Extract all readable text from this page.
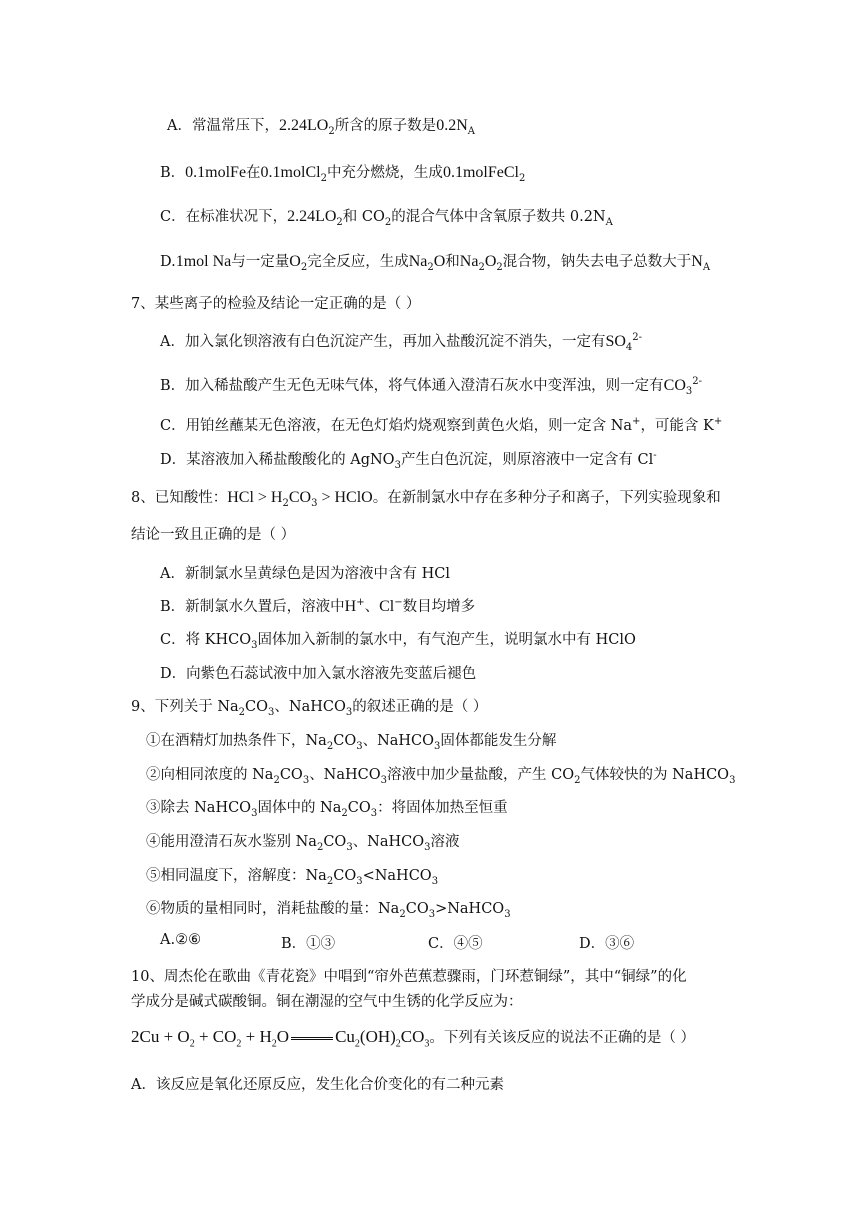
A．常温常压下，$2.24LO_2$所含的原子数是$0.2N_A$
B．0.1molFe在0.1molCl$_2$中充分燃烧，生成0.1molFeCl$_2$
C．在标准状况下，$2.24LO_2$和 $CO_2$的混合气体中含氧原子数共 $0.2N_A$
D.1mol Na与一定量$O_2$完全反应，生成$Na_2O$和$Na_2O_2$混合物，钠失去电子总数大于$N_A$
7、某些离子的检验及结论一定正确的是（ ）
A．加入氯化钡溶液有白色沉淀产生，再加入盐酸沉淀不消失，一定有$SO_4^{2-}$
B．加入稀盐酸产生无色无味气体，将气体通入澄清石灰水中变浑浊，则一定有$CO_3^{2-}$
C．用铂丝蘸某无色溶液，在无色灯焰灼烧观察到黄色火焰，则一定含 Na+，可能含 K+
D．某溶液加入稀盐酸酸化的 AgNO$_3$产生白色沉淀，则原溶液中一定含有 Cl-
8、已知酸性：HCl > $H_2CO_3$ > HClO。在新制氯水中存在多种分子和离子，下列实验现象和
结论一致且正确的是（ ）
A．新制氯水呈黄绿色是因为溶液中含有 HCl
B．新制氯水久置后，溶液中H+、Cl−数目均增多
C．将 $KHCO_3$固体加入新制的氯水中，有气泡产生，说明氯水中有 HClO
D．向紫色石蕊试液中加入氯水溶液先变蓝后褪色
9、下列关于 $Na_2CO_3$、NaHCO$_3$的叙述正确的是（ ）
①在酒精灯加热条件下，$Na_2CO_3$、NaHCO$_3$固体都能发生分解
②向相同浓度的 $Na_2CO_3$、NaHCO$_3$溶液中加少量盐酸，产生 $CO_2$气体较快的为 NaHCO$_3$
③除去 NaHCO$_3$固体中的 $Na_2CO_3$：将固体加热至恒重
④能用澄清石灰水鉴别 $Na_2CO_3$、NaHCO$_3$溶液
⑤相同温度下，溶解度：$Na_2CO_3<NaHCO_3$
⑥物质的量相同时，消耗盐酸的量：$Na_2CO_3>NaHCO_3$
A.②⑥	B．①③	C．④⑤	D．③⑥
10、周杰伦在歌曲《青花瓷》中唱到“帘外芭蕉惹骤雨，门环惹铜绿”，其中“铜绿”的化
学成分是碱式碳酸铜。铜在潮湿的空气中生锈的化学反应为：
$2Cu + O_2 + CO_2 + H_2O$	$Cu_2(OH)_2CO_3$。下列有关该反应的说法不正确的是（ ）
A．该反应是氧化还原反应，发生化合价变化的有二种元素
